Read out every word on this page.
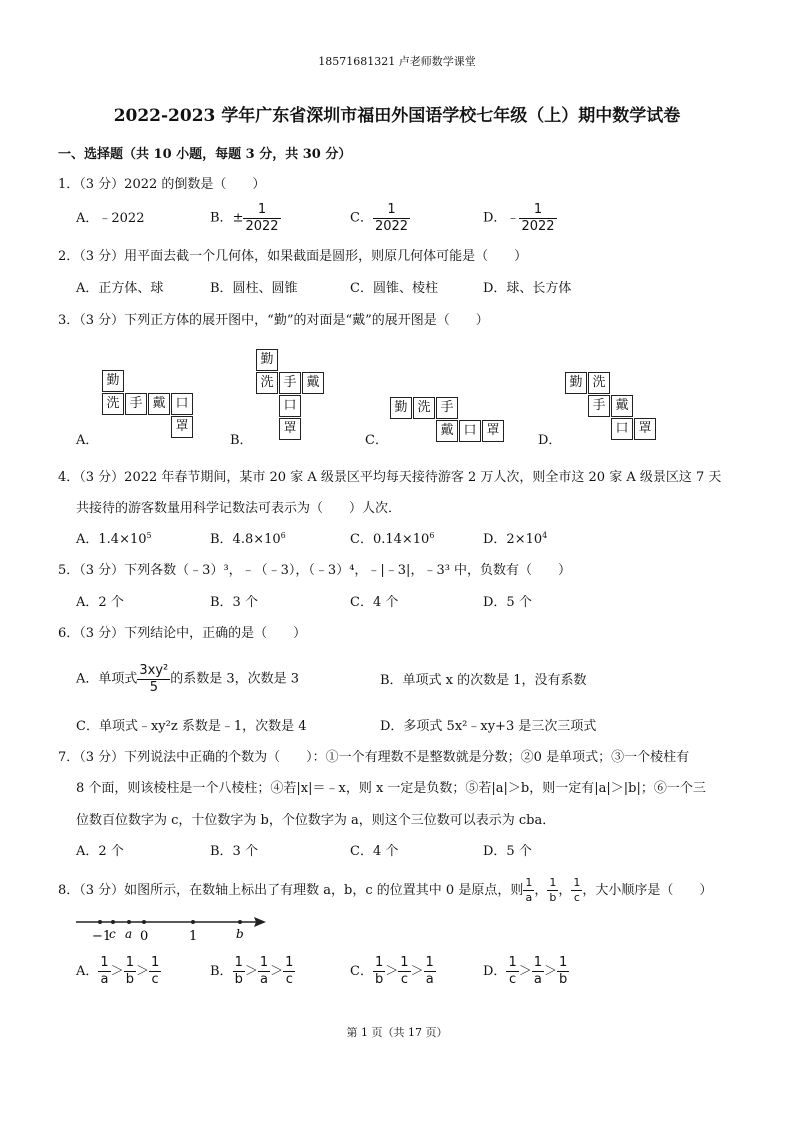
18571681321 卢老师数学课堂
2022-2023 学年广东省深圳市福田外国语学校七年级（上）期中数学试卷
一、选择题（共 10 小题，每题 3 分，共 30 分）
1．（3 分）2022 的倒数是（　　）
A．﹣2022	B．± $\frac{1}{2022}$	C． $\frac{1}{2022}$	D．﹣ $\frac{1}{2022}$
2．（3 分）用平面去截一个几何体，如果截面是圆形，则原几何体可能是（　　）
A．正方体、球	B．圆柱、圆锥	C．圆锥、棱柱	D．球、长方体
3．（3 分）下列正方体的展开图中，“勤”的对面是“戴”的展开图是（　　）
勤
洗 手 戴 口
罩
A．
勤
洗 手 戴
口
罩
B．
勤 洗 手
戴 口 罩
C．
勤 洗
手 戴
口 罩
D．
4．（3 分）2022 年春节期间，某市 20 家 A 级景区平均每天接待游客 2 万人次，则全市这 20 家 A 级景区这 7 天
共接待的游客数量用科学记数法可表示为（　　）人次．
A．$1.4\times 10^5$	B．$4.8\times 10^6$	C．$0.14\times 10^6$	D．$2\times 10^4$
5．（3 分）下列各数（﹣3）³，﹣（﹣3），（﹣3）⁴，﹣|﹣3|，﹣3³ 中，负数有（　　）
A．2 个	B．3 个	C．4 个	D．5 个
6．（3 分）下列结论中，正确的是（　　）
A．单项式 $\frac{\text{3xy²}}{5}$ 的系数是 3，次数是 3	B．单项式 x 的次数是 1，没有系数
C．单项式﹣xy²z 系数是﹣1，次数是 4	D．多项式 5x²﹣xy+3 是三次三项式
7．（3 分）下列说法中正确的个数为（　　）：①一个有理数不是整数就是分数；②0 是单项式；③一个棱柱有
8 个面，则该棱柱是一个八棱柱；④若|x|＝﹣x，则 x 一定是负数；⑤若|a|＞b，则一定有|a|＞|b|；⑥一个三
位数百位数字为 c，十位数字为 b，个位数字为 a，则这个三位数可以表示为 cba．
A．2 个	B．3 个	C．4 个	D．5 个
8．（3 分）如图所示，在数轴上标出了有理数 a，b，c 的位置其中 0 是原点，则 $\frac{1}{a}$ ， $\frac{1}{b}$ ， $\frac{1}{c}$ ，大小顺序是（　　）
−1
c a 0	1	b
A． $\frac{1}{a} > \frac{1}{b} > \frac{1}{c}$	B． $\frac{1}{b} > \frac{1}{a} > \frac{1}{c}$	C． $\frac{1}{b} > \frac{1}{c} > \frac{1}{a}$	D． $\frac{1}{c} > \frac{1}{a} > \frac{1}{b}$
第 1 页（共 17 页）
